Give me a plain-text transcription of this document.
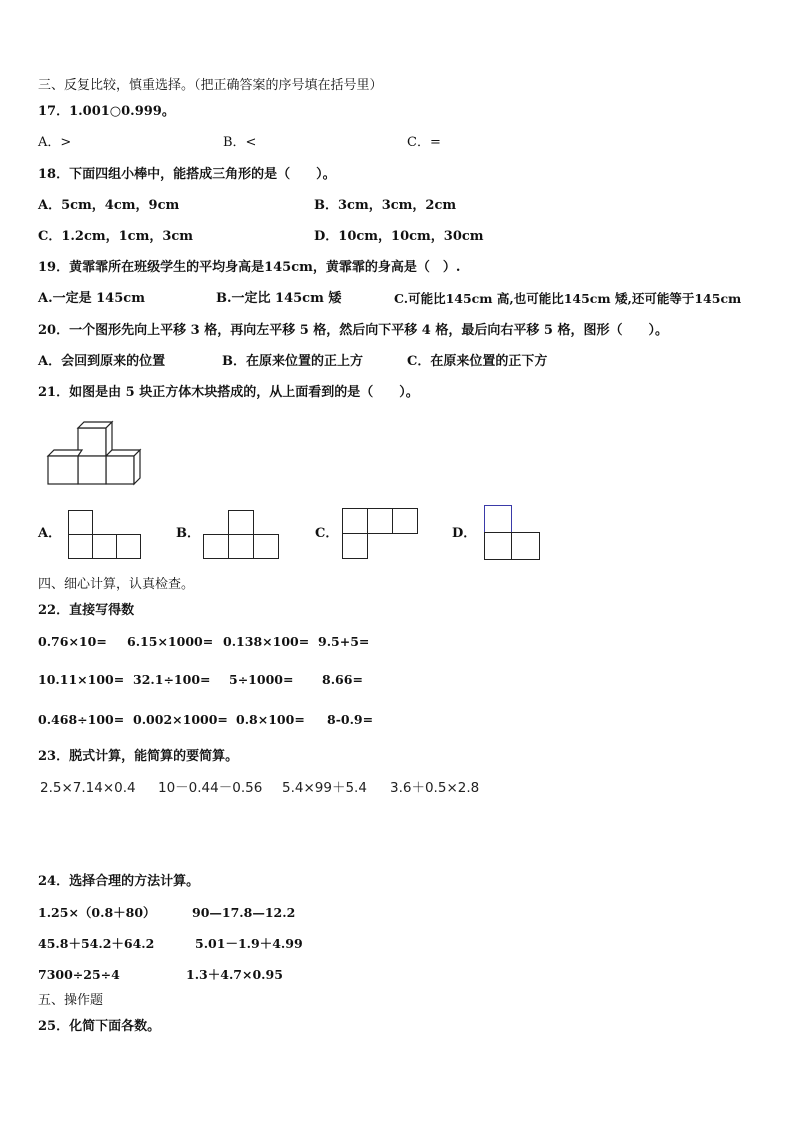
三、反复比较，慎重选择。（把正确答案的序号填在括号里）
17．1.001○0.999。
A．>	B．<	C．=
18．下面四组小棒中，能搭成三角形的是（　　）。
A．5cm，4cm，9cm	B．3cm，3cm，2cm
C．1.2cm，1cm，3cm	D．10cm，10cm，30cm
19．黄霏霏所在班级学生的平均身高是145cm，黄霏霏的身高是（　）.
A.一定是 145cm	B.一定比 145cm 矮	C.可能比145cm 高,也可能比145cm 矮,还可能等于145cm
20．一个图形先向上平移 3 格，再向左平移 5 格，然后向下平移 4 格，最后向右平移 5 格，图形（　　）。
A．会回到原来的位置	B．在原来位置的正上方	C．在原来位置的正下方
21．如图是由 5 块正方体木块搭成的，从上面看到的是（　　）。
A．	B．	C．	D．
四、细心计算，认真检查。
22．直接写得数
0.76×10= 6.15×1000= 0.138×100= 9.5+5=
10.11×100= 32.1÷100= 5÷1000= 8.66=
0.468÷100= 0.002×1000= 0.8×100= 8-0.9=
23．脱式计算，能简算的要简算。
2.5×7.14×0.4 10－0.44－0.56 5.4×99＋5.4 3.6＋0.5×2.8
24．选择合理的方法计算。
1.25×（0.8＋80）	90—17.8—12.2
45.8＋54.2＋64.2	5.01－1.9＋4.99
7300÷25÷4	1.3＋4.7×0.95
五、操作题
25．化简下面各数。
